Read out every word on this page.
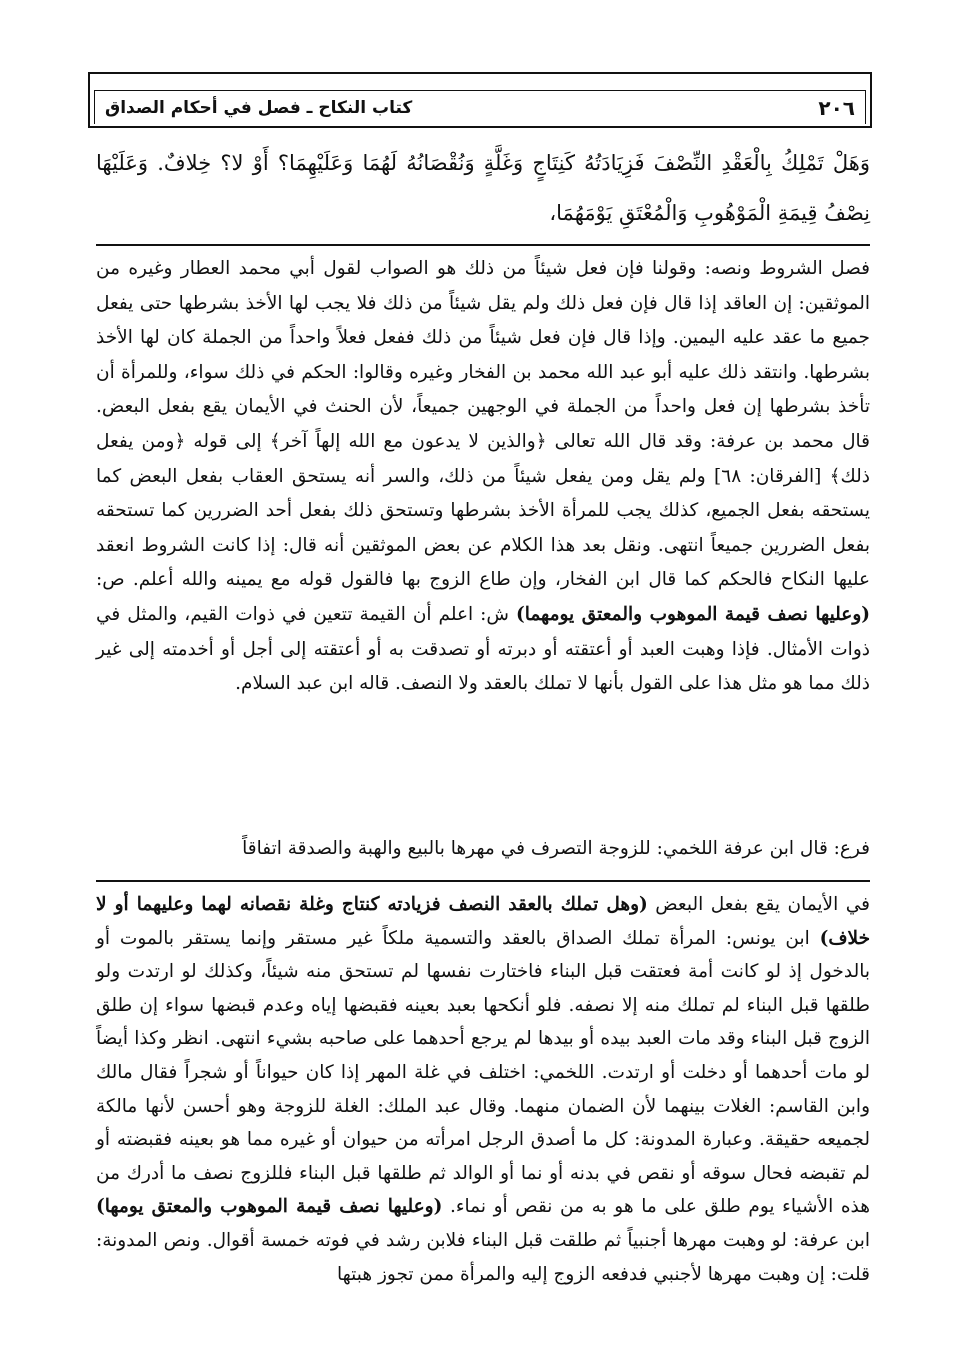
٢٠٦
كتاب النكاح ـ فصل في أحكام الصداق
وَهَلْ تَمْلِكُ بِالْعَقْدِ النِّصْفَ فَزِيَادَتُهُ كَنِتَاجٍ وَغَلَّةٍ وَنُقْصَانُهُ لَهُمَا وَعَلَيْهِمَا؟ أَوْ لا؟ خِلافٌ. وَعَلَيْهَا نِصْفُ قِيمَةِ الْمَوْهُوبِ وَالْمُعْتَقِ يَوْمَهُمَا،
فصل الشروط ونصه: وقولنا فإن فعل شيئاً من ذلك هو الصواب لقول أبي محمد العطار وغيره من الموثقين: إن العاقد إذا قال فإن فعل ذلك ولم يقل شيئاً من ذلك فلا يجب لها الأخذ بشرطها حتى يفعل جميع ما عقد عليه اليمين. وإذا قال فإن فعل شيئاً من ذلك ففعل فعلاً واحداً من الجملة كان لها الأخذ بشرطها. وانتقد ذلك عليه أبو عبد الله محمد بن الفخار وغيره وقالوا: الحكم في ذلك سواء، وللمرأة أن تأخذ بشرطها إن فعل واحداً من الجملة في الوجهين جميعاً، لأن الحنث في الأيمان يقع بفعل البعض. قال محمد بن عرفة: وقد قال الله تعالى ﴿والذين لا يدعون مع الله إلهاً آخر﴾ إلى قوله ﴿ومن يفعل ذلك﴾ [الفرقان: ٦٨] ولم يقل ومن يفعل شيئاً من ذلك، والسر أنه يستحق العقاب بفعل البعض كما يستحقه بفعل الجميع، كذلك يجب للمرأة الأخذ بشرطها وتستحق ذلك بفعل أحد الضررين كما تستحقه بفعل الضررين جميعاً انتهى. ونقل بعد هذا الكلام عن بعض الموثقين أنه قال: إذا كانت الشروط انعقد عليها النكاح فالحكم كما قال ابن الفخار، وإن طاع الزوج بها فالقول قوله مع يمينه والله أعلم. ص: (وعليها نصف قيمة الموهوب والمعتق يومهما) ش: اعلم أن القيمة تتعين في ذوات القيم، والمثل في ذوات الأمثال. فإذا وهبت العبد أو أعتقته أو دبرته أو تصدقت به أو أعتقته إلى أجل أو أخدمته إلى غير ذلك مما هو مثل هذا على القول بأنها لا تملك بالعقد ولا النصف. قاله ابن عبد السلام.
فرع: قال ابن عرفة اللخمي: للزوجة التصرف في مهرها بالبيع والهبة والصدقة اتفاقاً
في الأيمان يقع بفعل البعض (وهل تملك بالعقد النصف فزيادته كنتاج وغلة نقصانه لهما وعليهما أو لا خلاف) ابن يونس: المرأة تملك الصداق بالعقد والتسمية ملكاً غير مستقر وإنما يستقر بالموت أو بالدخول إذ لو كانت أمة فعتقت قبل البناء فاختارت نفسها لم تستحق منه شيئاً، وكذلك لو ارتدت ولو طلقها قبل البناء لم تملك منه إلا نصفه. فلو أنكحها بعبد بعينه فقبضها إياه وعدم قبضها سواء إن طلق الزوج قبل البناء وقد مات العبد بيده أو بيدها لم يرجع أحدهما على صاحبه بشيء انتهى. انظر وكذا أيضاً لو مات أحدهما أو دخلت أو ارتدت. اللخمي: اختلف في غلة المهر إذا كان حيواناً أو شجراً فقال مالك وابن القاسم: الغلات بينهما لأن الضمان منهما. وقال عبد الملك: الغلة للزوجة وهو أحسن لأنها مالكة لجميعه حقيقة. وعبارة المدونة: كل ما أصدق الرجل امرأته من حيوان أو غيره مما هو بعينه فقبضته أو لم تقبضه فحال سوقه أو نقص في بدنه أو نما أو الوالد ثم طلقها قبل البناء فللزوج نصف ما أدرك من هذه الأشياء يوم طلق على ما هو به من نقص أو نماء. (وعليها نصف قيمة الموهوب والمعتق يومها) ابن عرفة: لو وهبت مهرها أجنبياً ثم طلقت قبل البناء فلابن رشد في فوته خمسة أقوال. ونص المدونة: قلت: إن وهبت مهرها لأجنبي فدفعه الزوج إليه والمرأة ممن تجوز هبتها
